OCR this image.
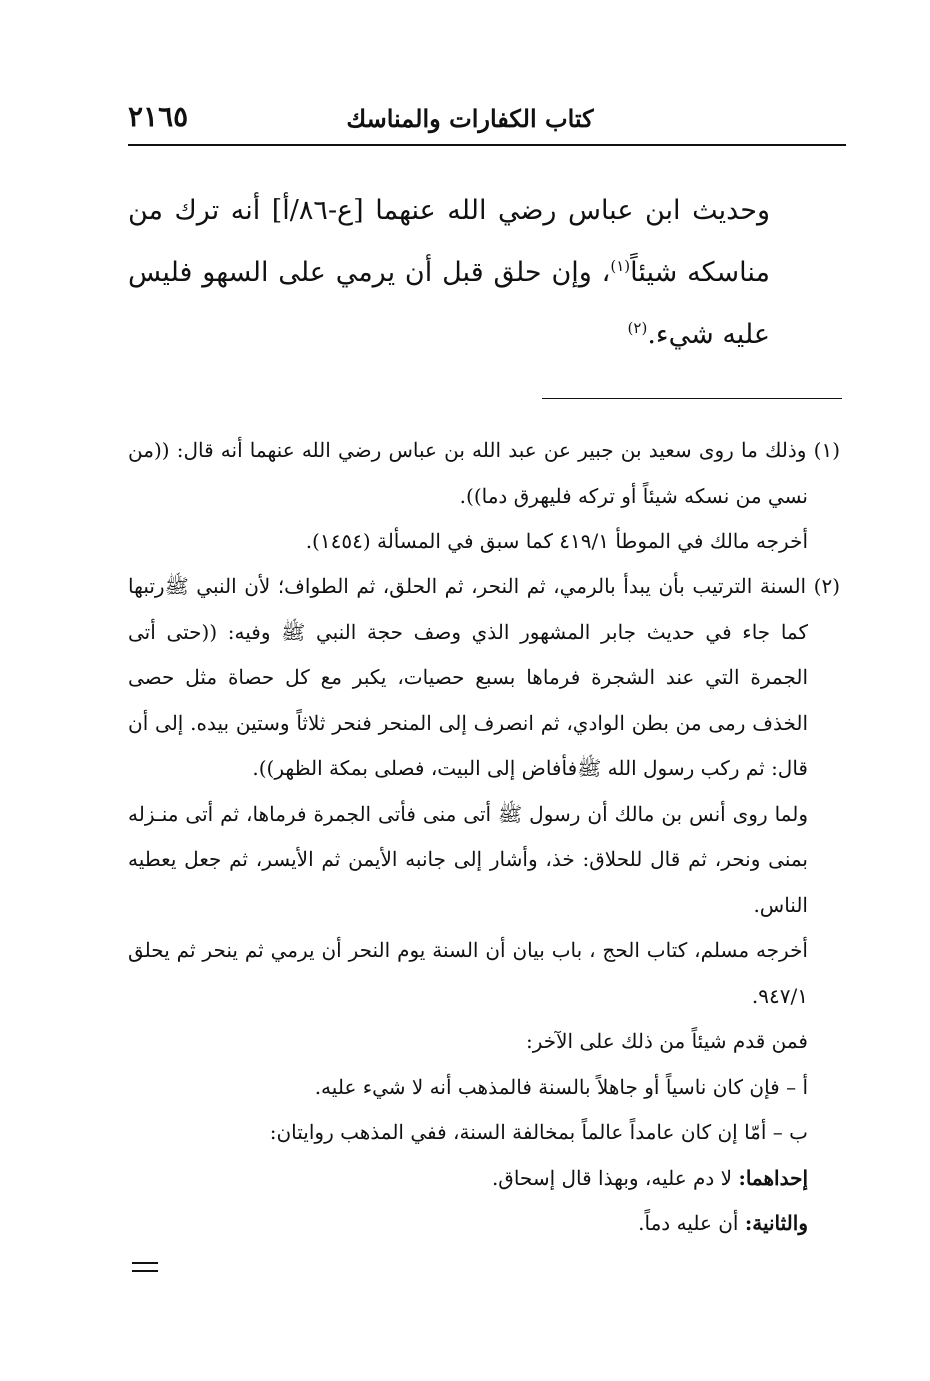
كتاب الكفارات والمناسك
٢١٦٥

وحديث ابن عباس رضي الله عنهما [ع-٨٦/أ] أنه ترك من مناسكه شيئاً$^{(١)}$، وإن حلق قبل أن يرمي على السهو فليس عليه شيء.$^{(٢)}$

(١) وذلك ما روى سعيد بن جبير عن عبد الله بن عباس رضي الله عنهما أنه قال: ((من نسي من نسكه شيئاً أو تركه فليهرق دما)).

أخرجه مالك في الموطأ ٤١٩/١ كما سبق في المسألة (١٤٥٤).

(٢) السنة الترتيب بأن يبدأ بالرمي، ثم النحر، ثم الحلق، ثم الطواف؛ لأن النبي ﷺرتبها كما جاء في حديث جابر المشهور الذي وصف حجة النبي ﷺ وفيه: ((حتى أتى الجمرة التي عند الشجرة فرماها بسبع حصيات، يكبر مع كل حصاة مثل حصى الخذف رمى من بطن الوادي، ثم انصرف إلى المنحر فنحر ثلاثاً وستين بيده. إلى أن قال: ثم ركب رسول الله ﷺفأفاض إلى البيت، فصلى بمكة الظهر)).

ولما روى أنس بن مالك أن رسول ﷺ أتى منى فأتى الجمرة فرماها، ثم أتى منـزله بمنى ونحر، ثم قال للحلاق: خذ، وأشار إلى جانبه الأيمن ثم الأيسر، ثم جعل يعطيه الناس.

أخرجه مسلم، كتاب الحج ، باب بيان أن السنة يوم النحر أن يرمي ثم ينحر ثم يحلق ٩٤٧/١.

فمن قدم شيئاً من ذلك على الآخر:

أ – فإن كان ناسياً أو جاهلاً بالسنة فالمذهب أنه لا شيء عليه.

ب – أمّا إن كان عامداً عالماً بمخالفة السنة، ففي المذهب روايتان:

إحداهما: لا دم عليه، وبهذا قال إسحاق.

والثانية: أن عليه دماً.
